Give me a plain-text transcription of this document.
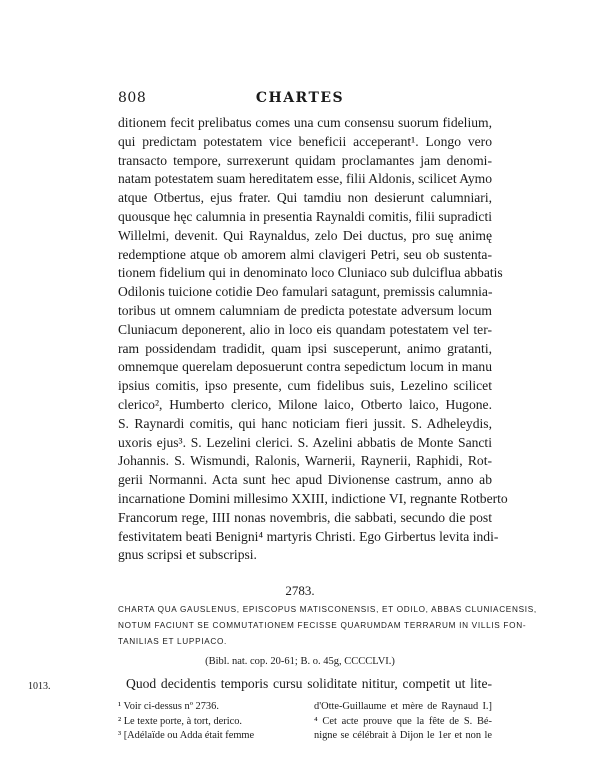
808	CHARTES
ditionem fecit prelibatus comes una cum consensu suorum fidelium,
qui predictam potestatem vice beneficii acceperant¹. Longo vero
transacto tempore, surrexerunt quidam proclamantes jam denomi-
natam potestatem suam hereditatem esse, filii Aldonis, scilicet Aymo
atque Otbertus, ejus frater. Qui tamdiu non desierunt calumniari,
quousque hęc calumnia in presentia Raynaldi comitis, filii supradicti
Willelmi, devenit. Qui Raynaldus, zelo Dei ductus, pro suę animę
redemptione atque ob amorem almi clavigeri Petri, seu ob sustenta-
tionem fidelium qui in denominato loco Cluniaco sub dulciflua abbatis
Odilonis tuicione cotidie Deo famulari satagunt, premissis calumnia-
toribus ut omnem calumniam de predicta potestate adversum locum
Cluniacum deponerent, alio in loco eis quandam potestatem vel ter-
ram possidendam tradidit, quam ipsi susceperunt, animo gratanti,
omnemque querelam deposuerunt contra sepedictum locum in manu
ipsius comitis, ipso presente, cum fidelibus suis, Lezelino scilicet
clerico², Humberto clerico, Milone laico, Otberto laico, Hugone.
S. Raynardi comitis, qui hanc noticiam fieri jussit. S. Adheleydis,
uxoris ejus³. S. Lezelini clerici. S. Azelini abbatis de Monte Sancti
Johannis. S. Wismundi, Ralonis, Warnerii, Raynerii, Raphidi, Rot-
gerii Normanni. Acta sunt hec apud Divionense castrum, anno ab
incarnatione Domini millesimo XXIII, indictione VI, regnante Rotberto
Francorum rege, IIII nonas novembris, die sabbati, secundo die post
festivitatem beati Benigni⁴ martyris Christi. Ego Girbertus levita indi-
gnus scripsi et subscripsi.
2783.
CHARTA QUA GAUSLENUS, EPISCOPUS MATISCONENSIS, ET ODILO, ABBAS CLUNIACENSIS,
NOTUM FACIUNT SE COMMUTATIONEM FECISSE QUARUMDAM TERRARUM IN VILLIS FON-
TANILIAS ET LUPPIACO.
(Bibl. nat. cop. 20-61; B. o. 45g, CCCCLVI.)
1013.	Quod decidentis temporis cursu soliditate nititur, competit ut lite-
¹ Voir ci-dessus nº 2736.
² Le texte porte, à tort, derico.
³ [Adélaïde ou Adda était femme
d'Otte-Guillaume et mère de Raynaud I.]
⁴ Cet acte prouve que la fête de S. Bé-
nigne se célébrait à Dijon le 1er et non le
